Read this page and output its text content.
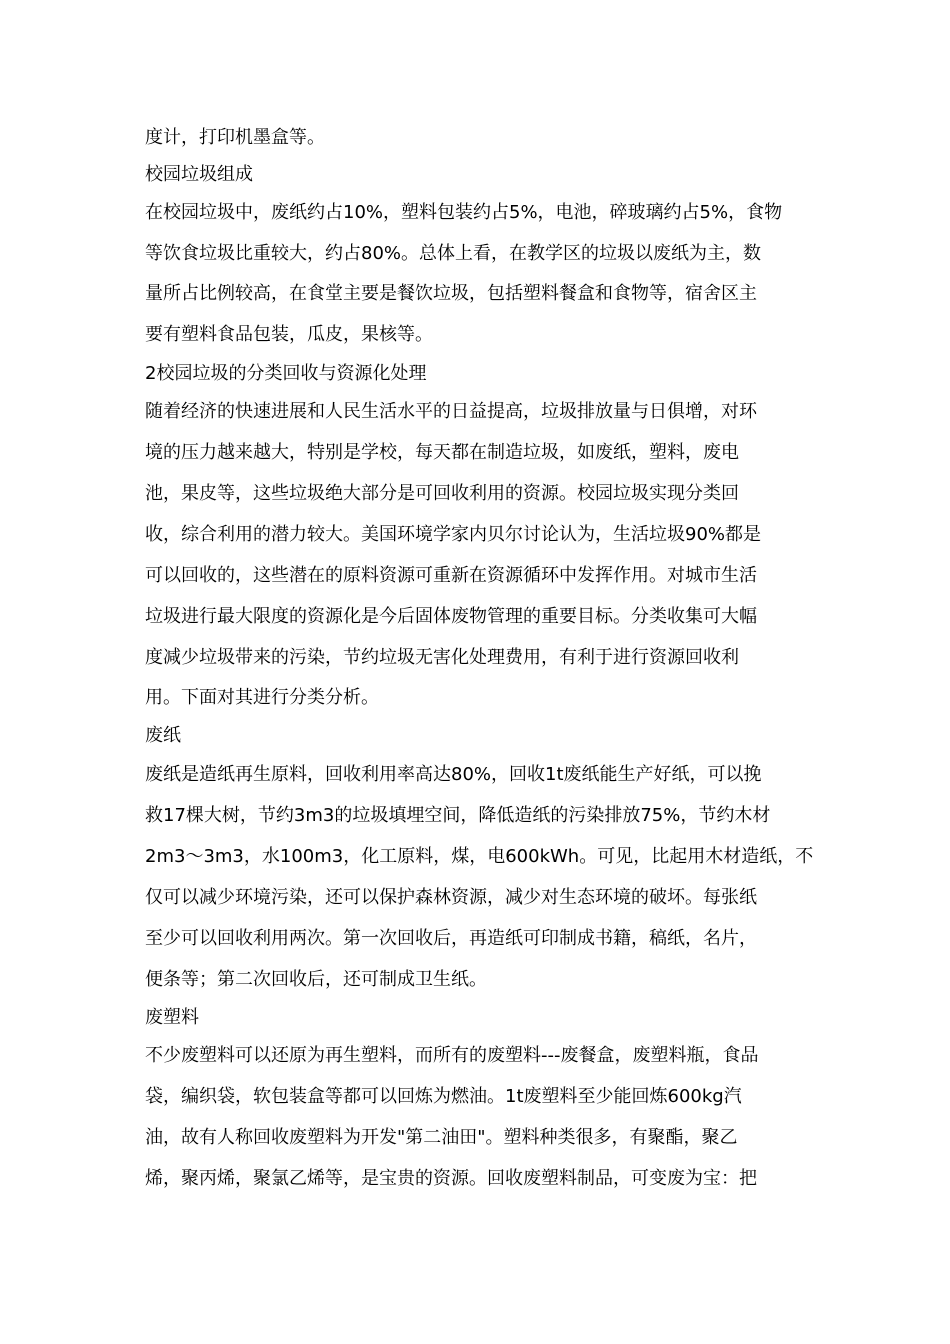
度计，打印机墨盒等。
校园垃圾组成
在校园垃圾中，废纸约占10%，塑料包装约占5%，电池，碎玻璃约占5%，食物
等饮食垃圾比重较大，约占80%。总体上看，在教学区的垃圾以废纸为主，数
量所占比例较高，在食堂主要是餐饮垃圾，包括塑料餐盒和食物等，宿舍区主
要有塑料食品包装，瓜皮，果核等。
2校园垃圾的分类回收与资源化处理
随着经济的快速进展和人民生活水平的日益提高，垃圾排放量与日俱增，对环
境的压力越来越大，特别是学校，每天都在制造垃圾，如废纸，塑料，废电
池，果皮等，这些垃圾绝大部分是可回收利用的资源。校园垃圾实现分类回
收，综合利用的潜力较大。美国环境学家内贝尔讨论认为，生活垃圾90%都是
可以回收的，这些潜在的原料资源可重新在资源循环中发挥作用。对城市生活
垃圾进行最大限度的资源化是今后固体废物管理的重要目标。分类收集可大幅
度减少垃圾带来的污染，节约垃圾无害化处理费用，有利于进行资源回收利
用。下面对其进行分类分析。
废纸
废纸是造纸再生原料，回收利用率高达80%，回收1t废纸能生产好纸，可以挽
救17棵大树，节约3m3的垃圾填埋空间，降低造纸的污染排放75%，节约木材
2m3～3m3，水100m3，化工原料，煤，电600kWh。可见，比起用木材造纸，不
仅可以减少环境污染，还可以保护森林资源，减少对生态环境的破坏。每张纸
至少可以回收利用两次。第一次回收后，再造纸可印制成书籍，稿纸，名片，
便条等；第二次回收后，还可制成卫生纸。
废塑料
不少废塑料可以还原为再生塑料，而所有的废塑料---废餐盒，废塑料瓶，食品
袋，编织袋，软包装盒等都可以回炼为燃油。1t废塑料至少能回炼600kg汽
油，故有人称回收废塑料为开发"第二油田"。塑料种类很多，有聚酯，聚乙
烯，聚丙烯，聚氯乙烯等，是宝贵的资源。回收废塑料制品，可变废为宝：把
